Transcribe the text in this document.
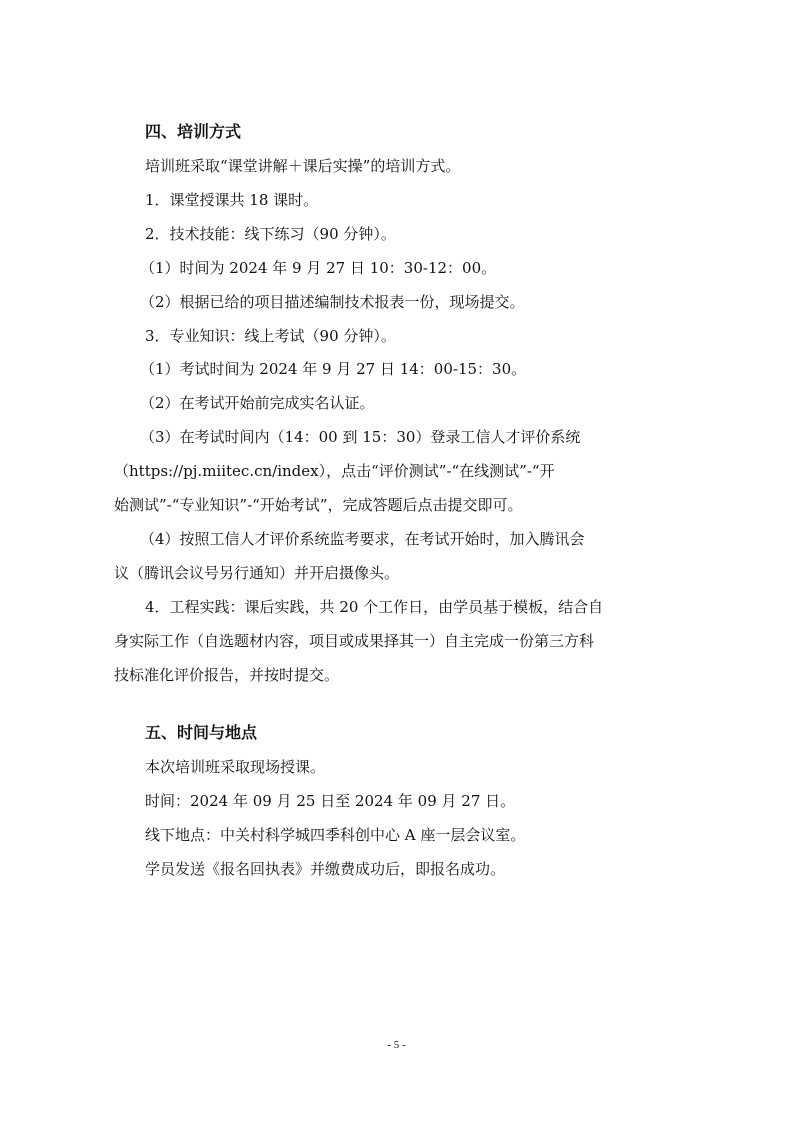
四、培训方式
培训班采取“课堂讲解＋课后实操”的培训方式。
1．课堂授课共 18 课时。
2．技术技能：线下练习（90 分钟）。
（1）时间为 2024 年 9 月 27 日 10：30-12：00。
（2）根据已给的项目描述编制技术报表一份，现场提交。
3．专业知识：线上考试（90 分钟）。
（1）考试时间为 2024 年 9 月 27 日 14：00-15：30。
（2）在考试开始前完成实名认证。
（3）在考试时间内（14：00 到 15：30）登录工信人才评价系统
（https://pj.miitec.cn/index），点击“评价测试”-“在线测试”-“开
始测试”-“专业知识”-“开始考试”，完成答题后点击提交即可。
（4）按照工信人才评价系统监考要求，在考试开始时，加入腾讯会
议（腾讯会议号另行通知）并开启摄像头。
4．工程实践：课后实践，共 20 个工作日，由学员基于模板，结合自
身实际工作（自选题材内容，项目或成果择其一）自主完成一份第三方科
技标准化评价报告，并按时提交。
五、时间与地点
本次培训班采取现场授课。
时间：2024 年 09 月 25 日至 2024 年 09 月 27 日。
线下地点：中关村科学城四季科创中心 A 座一层会议室。
学员发送《报名回执表》并缴费成功后，即报名成功。
- 5 -
